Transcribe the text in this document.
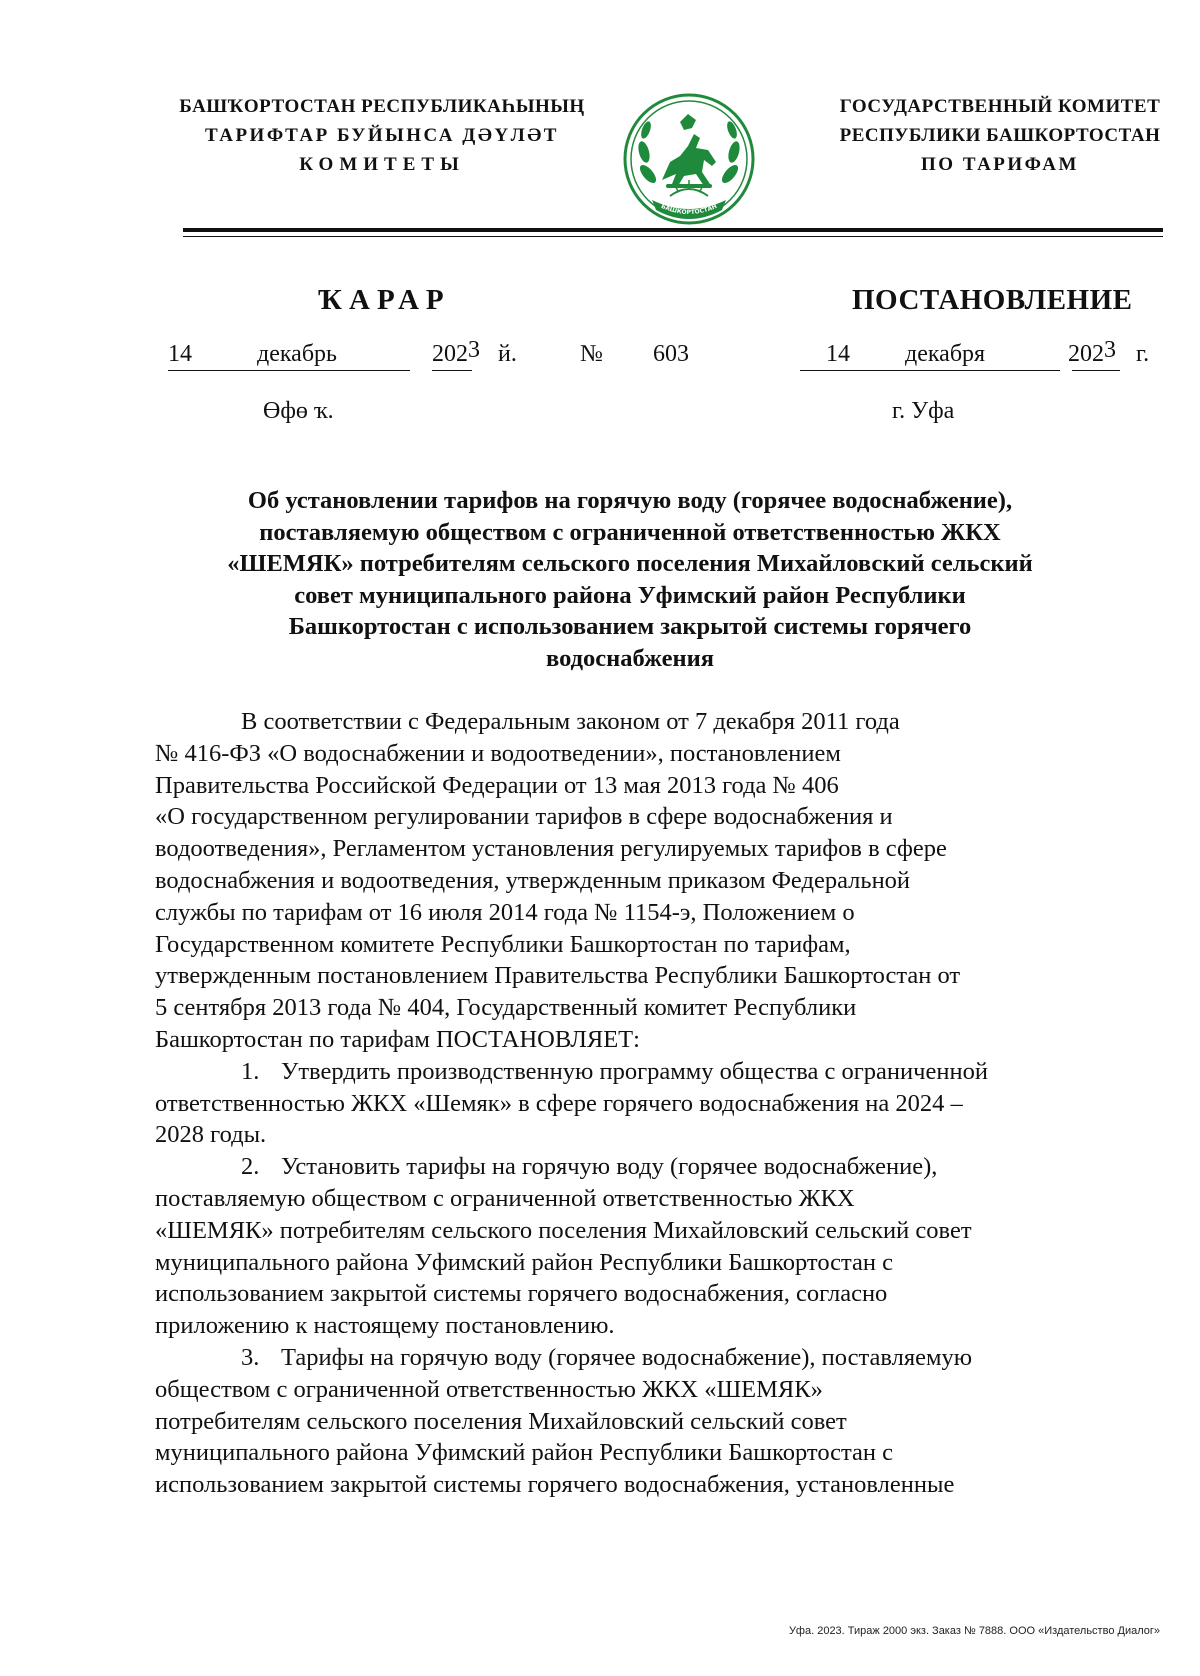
БАШҠОРТОСТАН РЕСПУБЛИКАҺЫНЫҢ
ТАРИФТАР БУЙЫНСА ДӘҮЛӘТ
КОМИТЕТЫ
БАШКОРТОСТАН
ГОСУДАРСТВЕННЫЙ КОМИТЕТ
РЕСПУБЛИКИ БАШКОРТОСТАН
ПО ТАРИФАМ
ҠАРАР	ПОСТАНОВЛЕНИЕ
14	декабрь	2023 й.	№ 603	14 декабря	2023 г.
Өфө ҡ.	г. Уфа
Об установлении тарифов на горячую воду (горячее водоснабжение),
поставляемую обществом с ограниченной ответственностью ЖКХ
«ШЕМЯК» потребителям сельского поселения Михайловский сельский
совет муниципального района Уфимский район Республики
Башкортостан с использованием закрытой системы горячего
водоснабжения
В соответствии с Федеральным законом от 7 декабря 2011 года
№ 416-ФЗ «О водоснабжении и водоотведении», постановлением
Правительства Российской Федерации от 13 мая 2013 года № 406
«О государственном регулировании тарифов в сфере водоснабжения и
водоотведения», Регламентом установления регулируемых тарифов в сфере
водоснабжения и водоотведения, утвержденным приказом Федеральной
службы по тарифам от 16 июля 2014 года № 1154-э, Положением о
Государственном комитете Республики Башкортостан по тарифам,
утвержденным постановлением Правительства Республики Башкортостан от
5 сентября 2013 года № 404, Государственный комитет Республики
Башкортостан по тарифам ПОСТАНОВЛЯЕТ:
1. Утвердить производственную программу общества с ограниченной
ответственностью ЖКХ «Шемяк» в сфере горячего водоснабжения на 2024 –
2028 годы.
2. Установить тарифы на горячую воду (горячее водоснабжение),
поставляемую обществом с ограниченной ответственностью ЖКХ
«ШЕМЯК» потребителям сельского поселения Михайловский сельский совет
муниципального района Уфимский район Республики Башкортостан с
использованием закрытой системы горячего водоснабжения, согласно
приложению к настоящему постановлению.
3. Тарифы на горячую воду (горячее водоснабжение), поставляемую
обществом с ограниченной ответственностью ЖКХ «ШЕМЯК»
потребителям сельского поселения Михайловский сельский совет
муниципального района Уфимский район Республики Башкортостан с
использованием закрытой системы горячего водоснабжения, установленные
Уфа. 2023. Тираж 2000 экз. Заказ № 7888. ООО «Издательство Диалог»
